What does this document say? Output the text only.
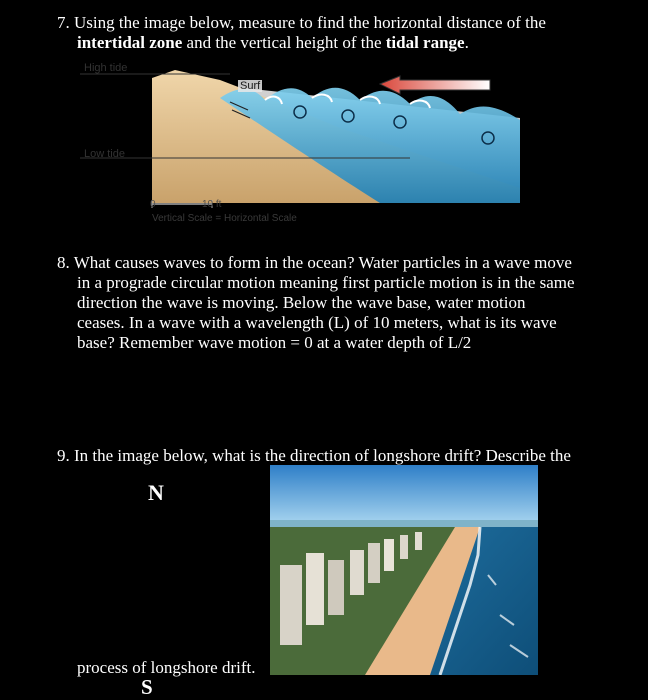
7. Using the image below, measure to find the horizontal distance of the
intertidal zone and the vertical height of the tidal range.
High tide
Low tide
Surf
0	10 ft
Vertical Scale = Horizontal Scale
8. What causes waves to form in the ocean? Water particles in a wave move
in a prograde circular motion meaning first particle motion is in the same
direction the wave is moving. Below the wave base, water motion
ceases. In a wave with a wavelength (L) of 10 meters, what is its wave
base? Remember wave motion = 0 at a water depth of L/2
9. In the image below, what is the direction of longshore drift? Describe the
N
process of longshore drift.
S
